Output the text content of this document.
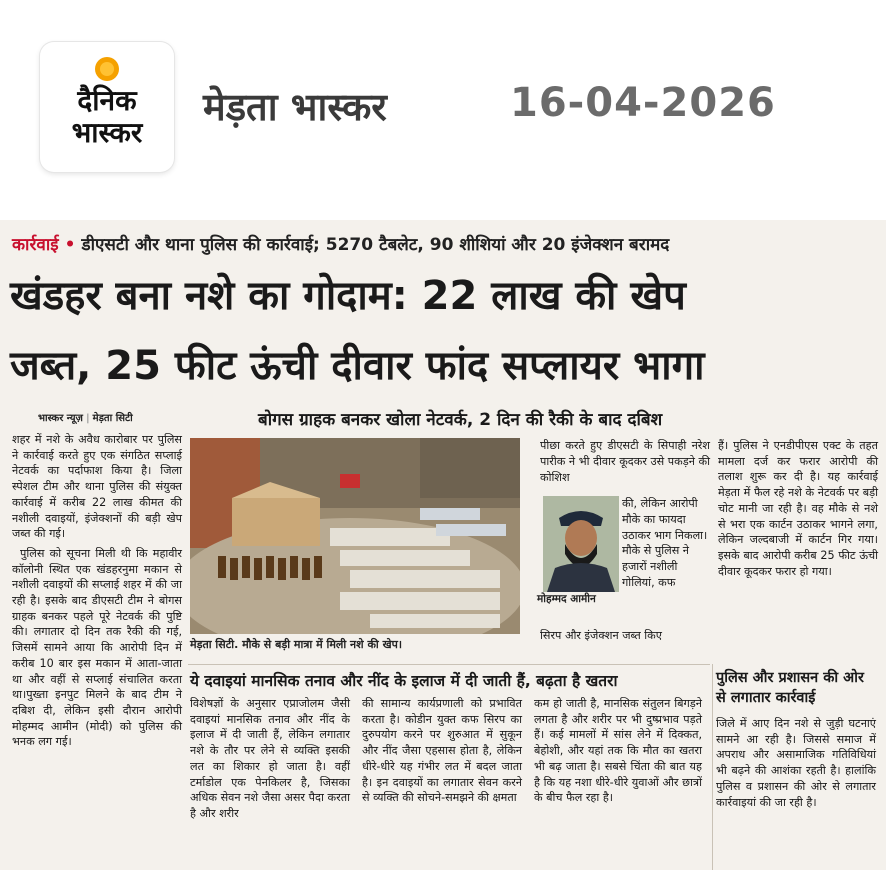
दैनिक
भास्कर
मेड़ता भास्कर	16-04-2026
कार्रवाई • डीएसटी और थाना पुलिस की कार्रवाई; 5270 टैबलेट, 90 शीशियां और 20 इंजेक्शन बरामद
खंडहर बना नशे का गोदाम: 22 लाख की खेप
जब्त, 25 फीट ऊंची दीवार फांद सप्लायर भागा
भास्कर न्यूज़ | मेड़ता सिटी	बोगस ग्राहक बनकर खोला नेटवर्क, 2 दिन की रैकी के बाद दबिश

शहर में नशे के अवैध कारोबार पर पुलिस ने कार्रवाई करते हुए एक संगठित सप्लाई नेटवर्क का पर्दाफाश किया है। जिला स्पेशल टीम और थाना पुलिस की संयुक्त कार्रवाई में करीब 22 लाख कीमत की नशीली दवाइयों, इंजेक्शनों की बड़ी खेप जब्त की गई।

पुलिस को सूचना मिली थी कि महावीर कॉलोनी स्थित एक खंडहरनुमा मकान से नशीली दवाइयों की सप्लाई शहर में की जा रही है। इसके बाद डीएसटी टीम ने बोगस ग्राहक बनकर पहले पूरे नेटवर्क की पुष्टि की। लगातार दो दिन तक रैकी की गई, जिसमें सामने आया कि आरोपी दिन में करीब 10 बार इस मकान में आता-जाता था और वहीं से सप्लाई संचालित करता था।पुख्ता इनपुट मिलने के बाद टीम ने दबिश दी, लेकिन इसी दौरान आरोपी मोहम्मद आमीन (मोदी) को पुलिस की भनक लग गई।

मेड़ता सिटी. मौके से बड़ी मात्रा में मिली नशे की खेप।

पीछा करते हुए डीएसटी के सिपाही नरेश पारीक ने भी दीवार कूदकर उसे पकड़ने की कोशिश

की, लेकिन आरोपी मौके का फायदा उठाकर भाग निकला। मौके से पुलिस ने हजारों नशीली गोलियां, कफ
मोहम्मद आमीन
सिरप और इंजेक्शन जब्त किए
हैं। पुलिस ने एनडीपीएस एक्ट के तहत मामला दर्ज कर फरार आरोपी की तलाश शुरू कर दी है। यह कार्रवाई मेड़ता में फैल रहे नशे के नेटवर्क पर बड़ी चोट मानी जा रही है। वह मौके से नशे से भरा एक कार्टन उठाकर भागने लगा, लेकिन जल्दबाजी में कार्टन गिर गया। इसके बाद आरोपी करीब 25 फीट ऊंची दीवार कूदकर फरार हो गया।
ये दवाइयां मानसिक तनाव और नींद के इलाज में दी जाती हैं, बढ़ता है खतरा
विशेषज्ञों के अनुसार एप्राजोलम जैसी दवाइयां मानसिक तनाव और नींद के इलाज में दी जाती हैं, लेकिन लगातार नशे के तौर पर लेने से व्यक्ति इसकी लत का शिकार हो जाता है। वहीं टर्माडोल एक पेनकिलर है, जिसका अधिक सेवन नशे जैसा असर पैदा करता है और शरीर
की सामान्य कार्यप्रणाली को प्रभावित करता है। कोडीन युक्त कफ सिरप का दुरुपयोग करने पर शुरुआत में सुकून और नींद जैसा एहसास होता है, लेकिन धीरे-धीरे यह गंभीर लत में बदल जाता है। इन दवाइयों का लगातार सेवन करने से व्यक्ति की सोचने-समझने की क्षमता
कम हो जाती है, मानसिक संतुलन बिगड़ने लगता है और शरीर पर भी दुष्प्रभाव पड़ते हैं। कई मामलों में सांस लेने में दिक्कत, बेहोशी, और यहां तक कि मौत का खतरा भी बढ़ जाता है। सबसे चिंता की बात यह है कि यह नशा धीरे-धीरे युवाओं और छात्रों के बीच फैल रहा है।
पुलिस और प्रशासन की ओर से लगातार कार्रवाई
जिले में आए दिन नशे से जुड़ी घटनाएं सामने आ रही है। जिससे समाज में अपराध और असामाजिक गतिविधियां भी बढ़ने की आशंका रहती है। हालांकि पुलिस व प्रशासन की ओर से लगातार कार्रवाइयां की जा रही है।
